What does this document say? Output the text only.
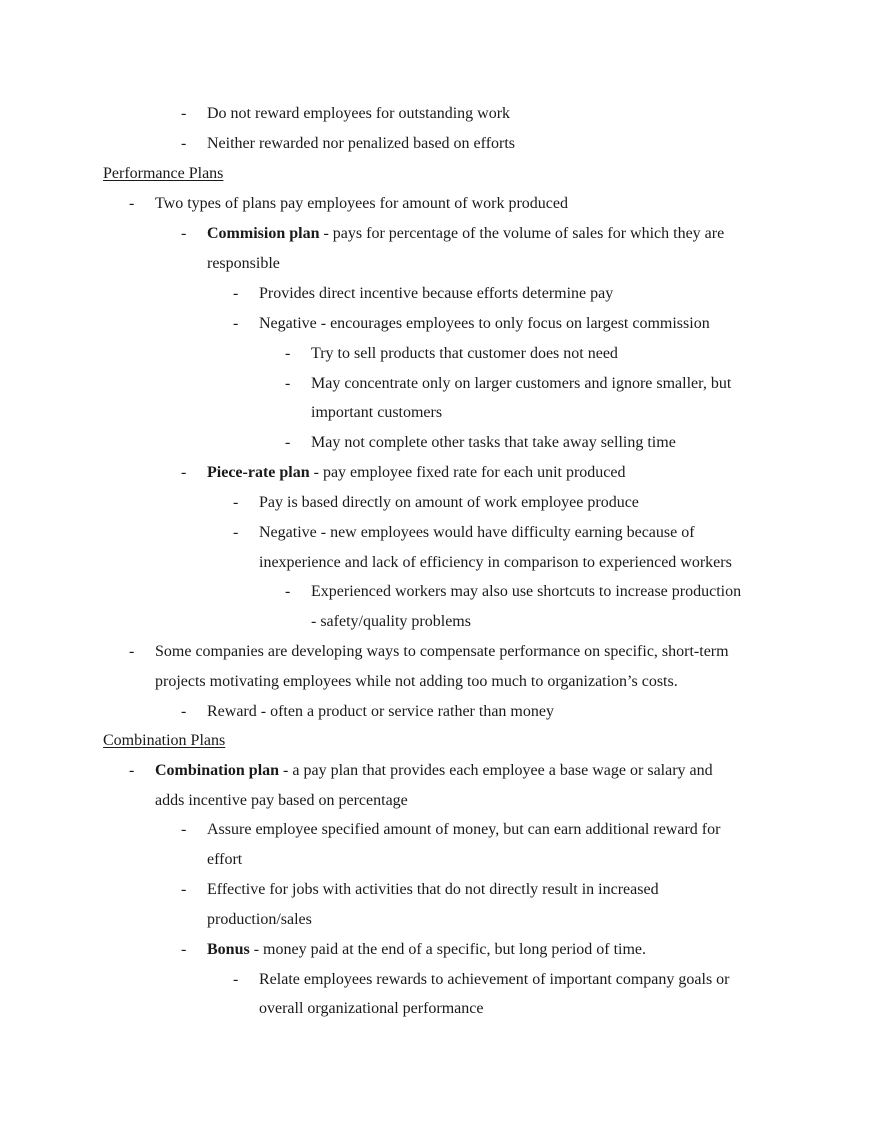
- Do not reward employees for outstanding work
- Neither rewarded nor penalized based on efforts
Performance Plans
- Two types of plans pay employees for amount of work produced
- Commision plan - pays for percentage of the volume of sales for which they are
responsible
- Provides direct incentive because efforts determine pay
- Negative - encourages employees to only focus on largest commission
- Try to sell products that customer does not need
- May concentrate only on larger customers and ignore smaller, but
important customers
- May not complete other tasks that take away selling time
- Piece-rate plan - pay employee fixed rate for each unit produced
- Pay is based directly on amount of work employee produce
- Negative - new employees would have difficulty earning because of
inexperience and lack of efficiency in comparison to experienced workers
- Experienced workers may also use shortcuts to increase production
- safety/quality problems
- Some companies are developing ways to compensate performance on specific, short-term
projects motivating employees while not adding too much to organization’s costs.
- Reward - often a product or service rather than money
Combination Plans
- Combination plan - a pay plan that provides each employee a base wage or salary and
adds incentive pay based on percentage
- Assure employee specified amount of money, but can earn additional reward for
effort
- Effective for jobs with activities that do not directly result in increased
production/sales
- Bonus - money paid at the end of a specific, but long period of time.
- Relate employees rewards to achievement of important company goals or
overall organizational performance
